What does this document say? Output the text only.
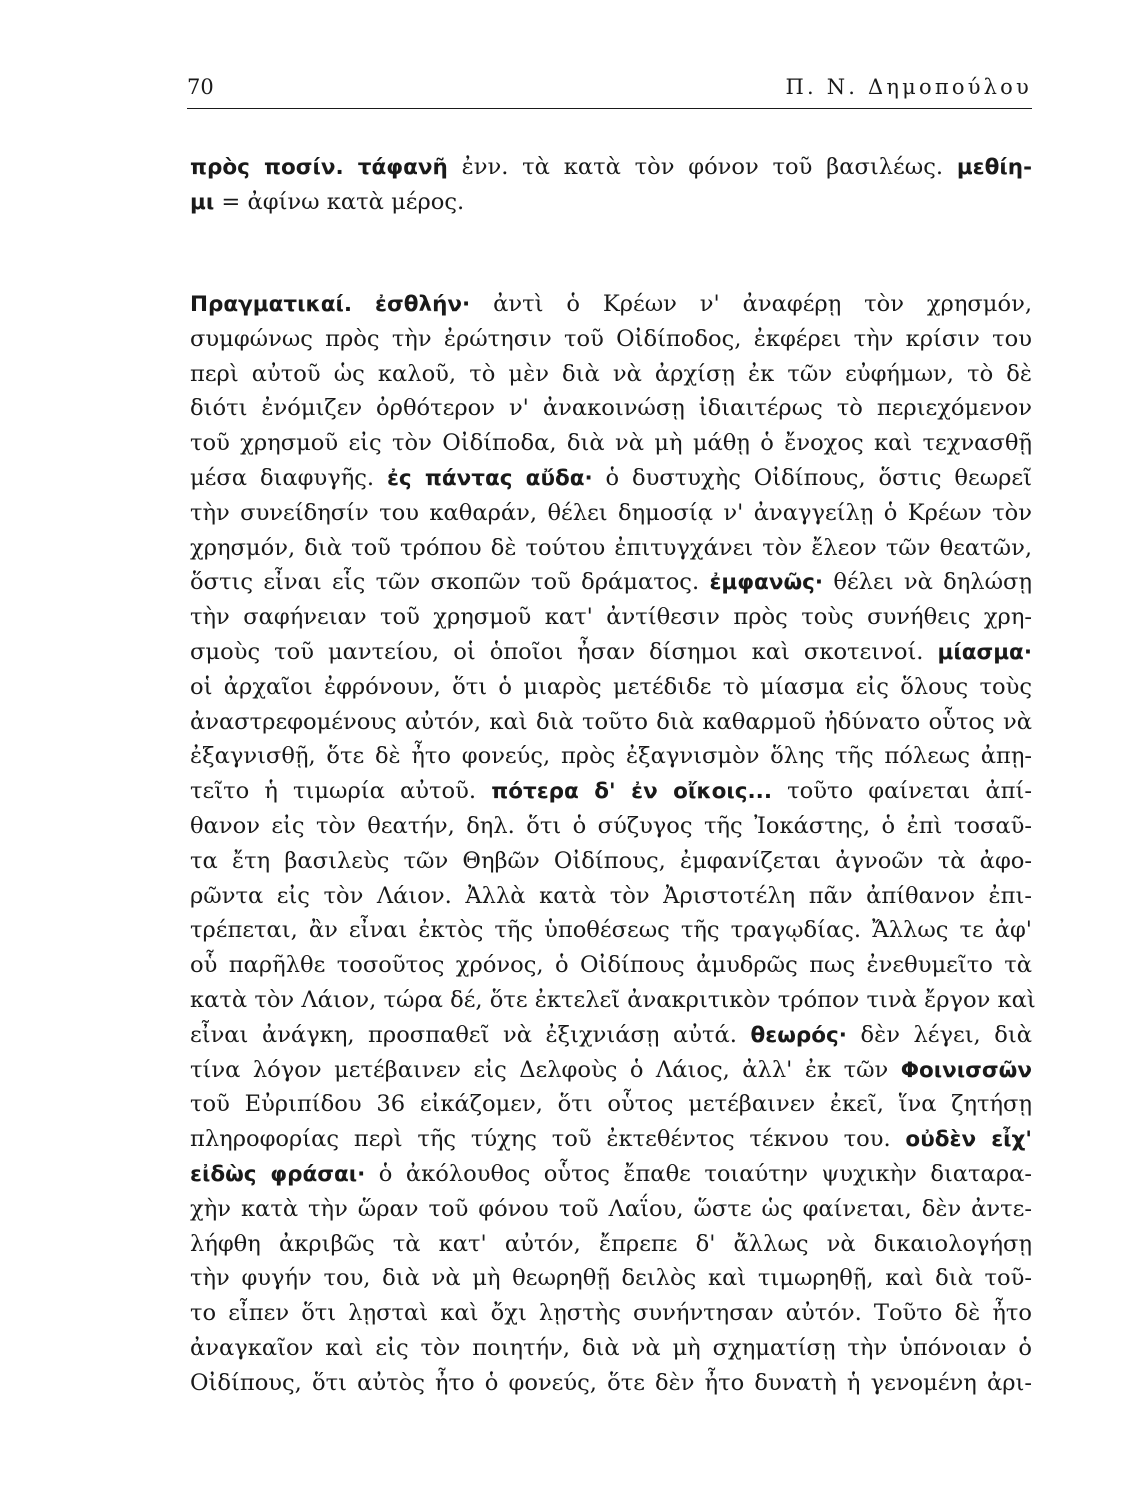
70	Π. Ν. Δημοπούλου
πρὸς ποσίν. τάφανῆ ἐνν. τὰ κατὰ τὸν φόνον τοῦ βασιλέως. μεθίη-
μι = ἀφίνω κατὰ μέρος.
Πραγματικαί. ἐσθλήν· ἀντὶ ὁ Κρέων ν' ἀναφέρῃ τὸν χρησμόν,
συμφώνως πρὸς τὴν ἐρώτησιν τοῦ Οἰδίποδος, ἐκφέρει τὴν κρίσιν του
περὶ αὐτοῦ ὡς καλοῦ, τὸ μὲν διὰ νὰ ἀρχίσῃ ἐκ τῶν εὐφήμων, τὸ δὲ
διότι ἐνόμιζεν ὀρθότερον ν' ἀνακοινώσῃ ἰδιαιτέρως τὸ περιεχόμενον
τοῦ χρησμοῦ εἰς τὸν Οἰδίποδα, διὰ νὰ μὴ μάθῃ ὁ ἔνοχος καὶ τεχνασθῇ
μέσα διαφυγῆς. ἐς πάντας αὔδα· ὁ δυστυχὴς Οἰδίπους, ὅστις θεωρεῖ
τὴν συνείδησίν του καθαράν, θέλει δημοσίᾳ ν' ἀναγγείλῃ ὁ Κρέων τὸν
χρησμόν, διὰ τοῦ τρόπου δὲ τούτου ἐπιτυγχάνει τὸν ἔλεον τῶν θεατῶν,
ὅστις εἶναι εἷς τῶν σκοπῶν τοῦ δράματος. ἐμφανῶς· θέλει νὰ δηλώσῃ
τὴν σαφήνειαν τοῦ χρησμοῦ κατ' ἀντίθεσιν πρὸς τοὺς συνήθεις χρη-
σμοὺς τοῦ μαντείου, οἱ ὁποῖοι ἦσαν δίσημοι καὶ σκοτεινοί. μίασμα·
οἱ ἀρχαῖοι ἐφρόνουν, ὅτι ὁ μιαρὸς μετέδιδε τὸ μίασμα εἰς ὅλους τοὺς
ἀναστρεφομένους αὐτόν, καὶ διὰ τοῦτο διὰ καθαρμοῦ ἠδύνατο οὗτος νὰ
ἐξαγνισθῇ, ὅτε δὲ ἦτο φονεύς, πρὸς ἐξαγνισμὸν ὅλης τῆς πόλεως ἀπῃ-
τεῖτο ἡ τιμωρία αὐτοῦ. πότερα δ' ἐν οἴκοις... τοῦτο φαίνεται ἀπί-
θανον εἰς τὸν θεατήν, δηλ. ὅτι ὁ σύζυγος τῆς Ἰοκάστης, ὁ ἐπὶ τοσαῦ-
τα ἔτη βασιλεὺς τῶν Θηβῶν Οἰδίπους, ἐμφανίζεται ἀγνοῶν τὰ ἀφο-
ρῶντα εἰς τὸν Λάιον. Ἀλλὰ κατὰ τὸν Ἀριστοτέλη πᾶν ἀπίθανον ἐπι-
τρέπεται, ἂν εἶναι ἐκτὸς τῆς ὑποθέσεως τῆς τραγῳδίας. Ἄλλως τε ἀφ'
οὗ παρῆλθε τοσοῦτος χρόνος, ὁ Οἰδίπους ἀμυδρῶς πως ἐνεθυμεῖτο τὰ
κατὰ τὸν Λάιον, τώρα δέ, ὅτε ἐκτελεῖ ἀνακριτικὸν τρόπον τινὰ ἔργον καὶ
εἶναι ἀνάγκη, προσπαθεῖ νὰ ἐξιχνιάσῃ αὐτά. θεωρός· δὲν λέγει, διὰ
τίνα λόγον μετέβαινεν εἰς Δελφοὺς ὁ Λάιος, ἀλλ' ἐκ τῶν Φοινισσῶν
τοῦ Εὐριπίδου 36 εἰκάζομεν, ὅτι οὗτος μετέβαινεν ἐκεῖ, ἵνα ζητήσῃ
πληροφορίας περὶ τῆς τύχης τοῦ ἐκτεθέντος τέκνου του. οὐδὲν εἶχ'
εἰδὼς φράσαι· ὁ ἀκόλουθος οὗτος ἔπαθε τοιαύτην ψυχικὴν διαταρα-
χὴν κατὰ τὴν ὥραν τοῦ φόνου τοῦ Λαΐου, ὥστε ὡς φαίνεται, δὲν ἀντε-
λήφθη ἀκριβῶς τὰ κατ' αὐτόν, ἔπρεπε δ' ἄλλως νὰ δικαιολογήσῃ
τὴν φυγήν του, διὰ νὰ μὴ θεωρηθῇ δειλὸς καὶ τιμωρηθῇ, καὶ διὰ τοῦ-
το εἶπεν ὅτι λῃσταὶ καὶ ὄχι λῃστὴς συνήντησαν αὐτόν. Τοῦτο δὲ ἦτο
ἀναγκαῖον καὶ εἰς τὸν ποιητήν, διὰ νὰ μὴ σχηματίσῃ τὴν ὑπόνοιαν ὁ
Οἰδίπους, ὅτι αὐτὸς ἦτο ὁ φονεύς, ὅτε δὲν ἦτο δυνατὴ ἡ γενομένη ἀρι-
